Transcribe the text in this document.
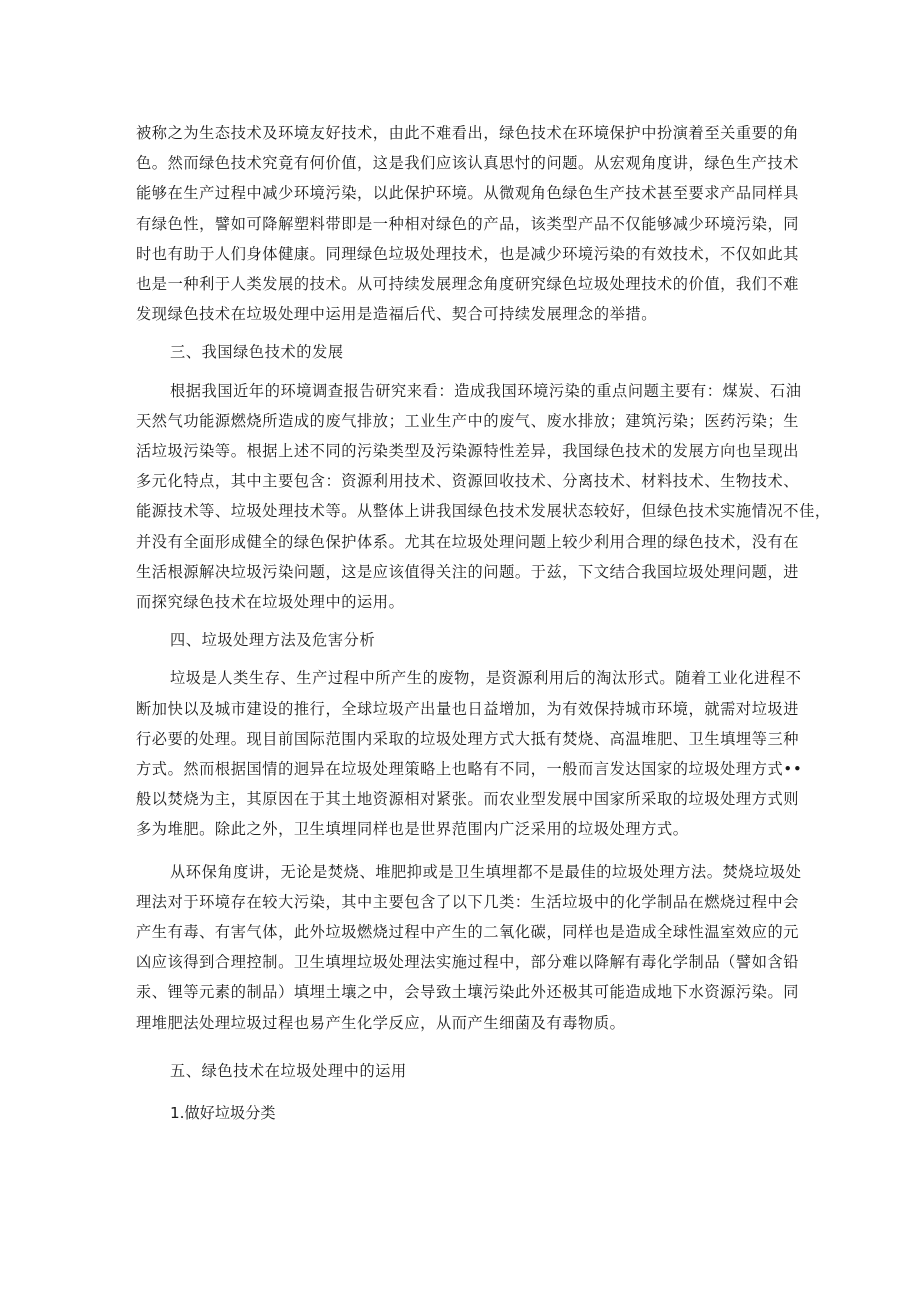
被称之为生态技术及环境友好技术，由此不难看出，绿色技术在环境保护中扮演着至关重要的角
色。然而绿色技术究竟有何价值，这是我们应该认真思忖的问题。从宏观角度讲，绿色生产技术
能够在生产过程中减少环境污染，以此保护环境。从微观角色绿色生产技术甚至要求产品同样具
有绿色性，譬如可降解塑料带即是一种相对绿色的产品，该类型产品不仅能够减少环境污染，同
时也有助于人们身体健康。同理绿色垃圾处理技术，也是减少环境污染的有效技术，不仅如此其
也是一种利于人类发展的技术。从可持续发展理念角度研究绿色垃圾处理技术的价值，我们不难
发现绿色技术在垃圾处理中运用是造福后代、契合可持续发展理念的举措。

三、我国绿色技术的发展

根据我国近年的环境调查报告研究来看：造成我国环境污染的重点问题主要有：煤炭、石油
天然气功能源燃烧所造成的废气排放；工业生产中的废气、废水排放；建筑污染；医药污染；生
活垃圾污染等。根据上述不同的污染类型及污染源特性差异，我国绿色技术的发展方向也呈现出
多元化特点，其中主要包含：资源利用技术、资源回收技术、分离技术、材料技术、生物技术、
能源技术等、垃圾处理技术等。从整体上讲我国绿色技术发展状态较好，但绿色技术实施情况不佳，
并没有全面形成健全的绿色保护体系。尤其在垃圾处理问题上较少利用合理的绿色技术，没有在
生活根源解决垃圾污染问题，这是应该值得关注的问题。于兹，下文结合我国垃圾处理问题，进
而探究绿色技术在垃圾处理中的运用。

四、垃圾处理方法及危害分析

垃圾是人类生存、生产过程中所产生的废物，是资源利用后的淘汰形式。随着工业化进程不
断加快以及城市建设的推行，全球垃圾产出量也日益增加，为有效保持城市环境，就需对垃圾进
行必要的处理。现目前国际范围内采取的垃圾处理方式大抵有焚烧、高温堆肥、卫生填埋等三种
方式。然而根据国情的迥异在垃圾处理策略上也略有不同，一般而言发达国家的垃圾处理方式••
般以焚烧为主，其原因在于其土地资源相对紧张。而农业型发展中国家所采取的垃圾处理方式则
多为堆肥。除此之外，卫生填埋同样也是世界范围内广泛采用的垃圾处理方式。

从环保角度讲，无论是焚烧、堆肥抑或是卫生填埋都不是最佳的垃圾处理方法。焚烧垃圾处
理法对于环境存在较大污染，其中主要包含了以下几类：生活垃圾中的化学制品在燃烧过程中会
产生有毒、有害气体，此外垃圾燃烧过程中产生的二氧化碳，同样也是造成全球性温室效应的元
凶应该得到合理控制。卫生填埋垃圾处理法实施过程中，部分难以降解有毒化学制品（譬如含铅
汞、锂等元素的制品）填埋土壤之中，会导致土壤污染此外还极其可能造成地下水资源污染。同
理堆肥法处理垃圾过程也易产生化学反应，从而产生细菌及有毒物质。

五、绿色技术在垃圾处理中的运用

1.做好垃圾分类
